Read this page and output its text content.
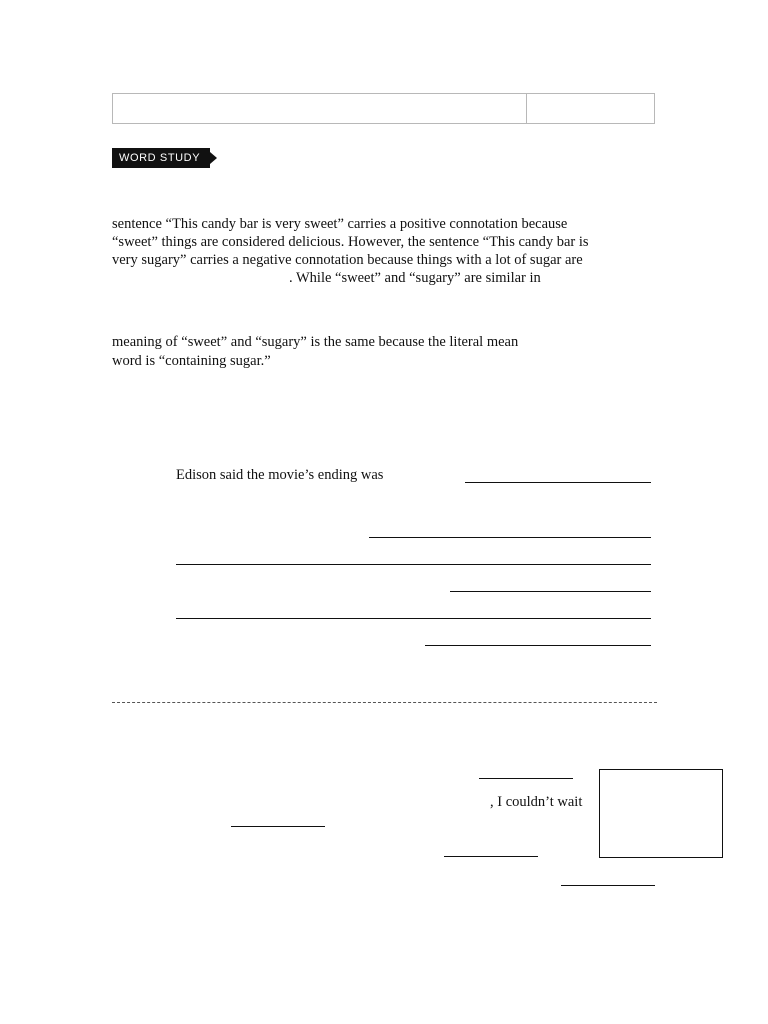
WORD STUDY
sentence “This candy bar is very sweet” carries a positive connotation because
“sweet” things are considered delicious. However, the sentence “This candy bar is
very sugary” carries a negative connotation because things with a lot of sugar are
. While “sweet” and “sugary” are similar in
meaning of “sweet” and “sugary” is the same because the literal mean
word is “containing sugar.”
Edison said the movie’s ending was
, I couldn’t wait
